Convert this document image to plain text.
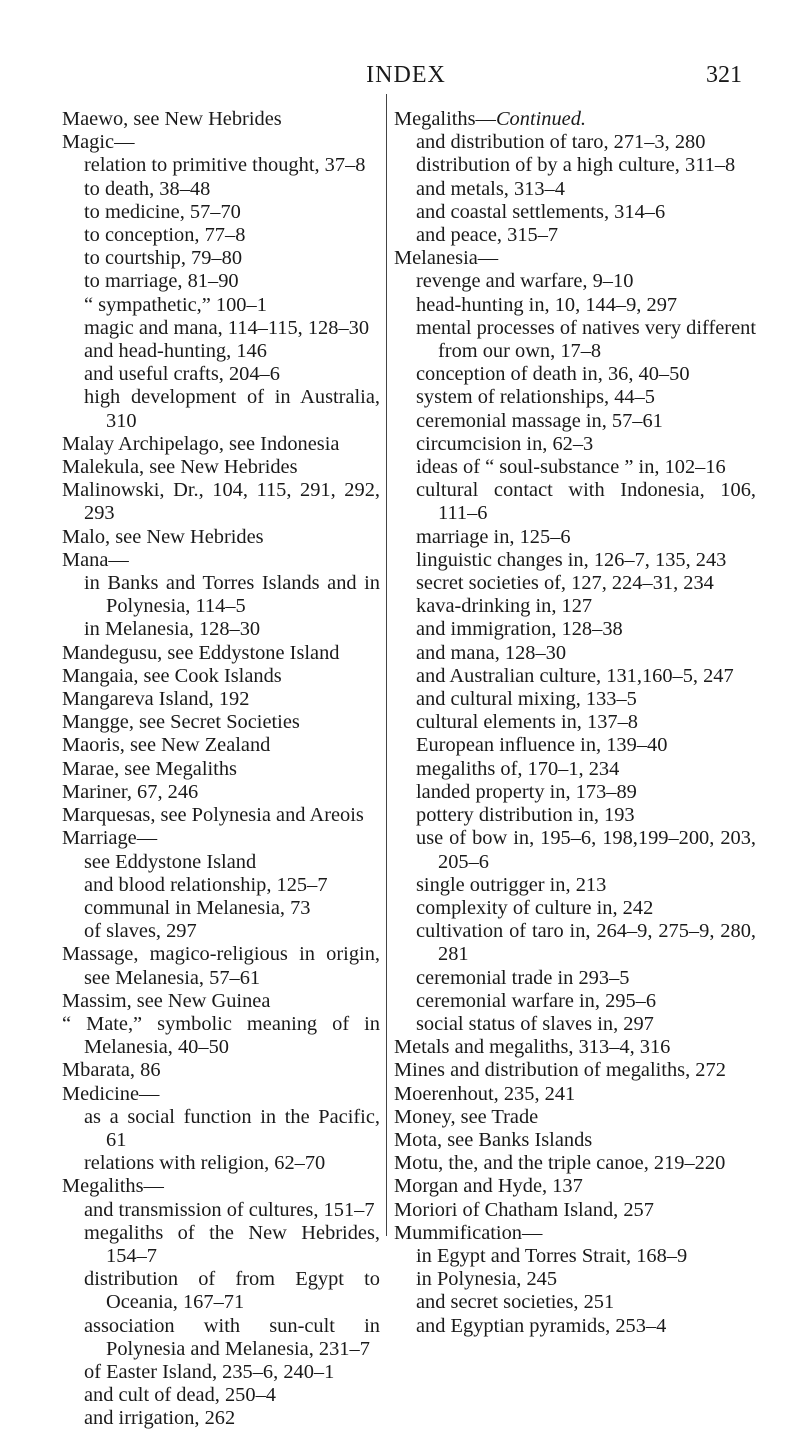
INDEX	321
Maewo, see New Hebrides
Magic—
relation to primitive thought, 37–8
to death, 38–48
to medicine, 57–70
to conception, 77–8
to courtship, 79–80
to marriage, 81–90
“ sympathetic,” 100–1
magic and mana, 114–115, 128–30
and head-hunting, 146
and useful crafts, 204–6
high development of in Australia, 310
Malay Archipelago, see Indonesia
Malekula, see New Hebrides
Malinowski, Dr., 104, 115, 291, 292, 293
Malo, see New Hebrides
Mana—
in Banks and Torres Islands and in Polynesia, 114–5
in Melanesia, 128–30
Mandegusu, see Eddystone Island
Mangaia, see Cook Islands
Mangareva Island, 192
Mangge, see Secret Societies
Maoris, see New Zealand
Marae, see Megaliths
Mariner, 67, 246
Marquesas, see Polynesia and Areois
Marriage—
see Eddystone Island
and blood relationship, 125–7
communal in Melanesia, 73
of slaves, 297
Massage, magico-religious in origin, see Melanesia, 57–61
Massim, see New Guinea
“ Mate,” symbolic meaning of in Melanesia, 40–50
Mbarata, 86
Medicine—
as a social function in the Pacific, 61
relations with religion, 62–70
Megaliths—
and transmission of cultures, 151–7
megaliths of the New Hebrides, 154–7
distribution of from Egypt to Oceania, 167–71
association with sun-cult in Polynesia and Melanesia, 231–7
of Easter Island, 235–6, 240–1
and cult of dead, 250–4
and irrigation, 262
Megaliths—Continued.
and distribution of taro, 271–3, 280
distribution of by a high culture, 311–8
and metals, 313–4
and coastal settlements, 314–6
and peace, 315–7
Melanesia—
revenge and warfare, 9–10
head-hunting in, 10, 144–9, 297
mental processes of natives very different from our own, 17–8
conception of death in, 36, 40–50
system of relationships, 44–5
ceremonial massage in, 57–61
circumcision in, 62–3
ideas of “ soul-substance ” in, 102–16
cultural contact with Indonesia, 106, 111–6
marriage in, 125–6
linguistic changes in, 126–7, 135, 243
secret societies of, 127, 224–31, 234
kava-drinking in, 127
and immigration, 128–38
and mana, 128–30
and Australian culture, 131,160–5, 247
and cultural mixing, 133–5
cultural elements in, 137–8
European influence in, 139–40
megaliths of, 170–1, 234
landed property in, 173–89
pottery distribution in, 193
use of bow in, 195–6, 198,199–200, 203, 205–6
single outrigger in, 213
complexity of culture in, 242
cultivation of taro in, 264–9, 275–9, 280, 281
ceremonial trade in 293–5
ceremonial warfare in, 295–6
social status of slaves in, 297
Metals and megaliths, 313–4, 316
Mines and distribution of megaliths, 272
Moerenhout, 235, 241
Money, see Trade
Mota, see Banks Islands
Motu, the, and the triple canoe, 219–220
Morgan and Hyde, 137
Moriori of Chatham Island, 257
Mummification—
in Egypt and Torres Strait, 168–9
in Polynesia, 245
and secret societies, 251
and Egyptian pyramids, 253–4
